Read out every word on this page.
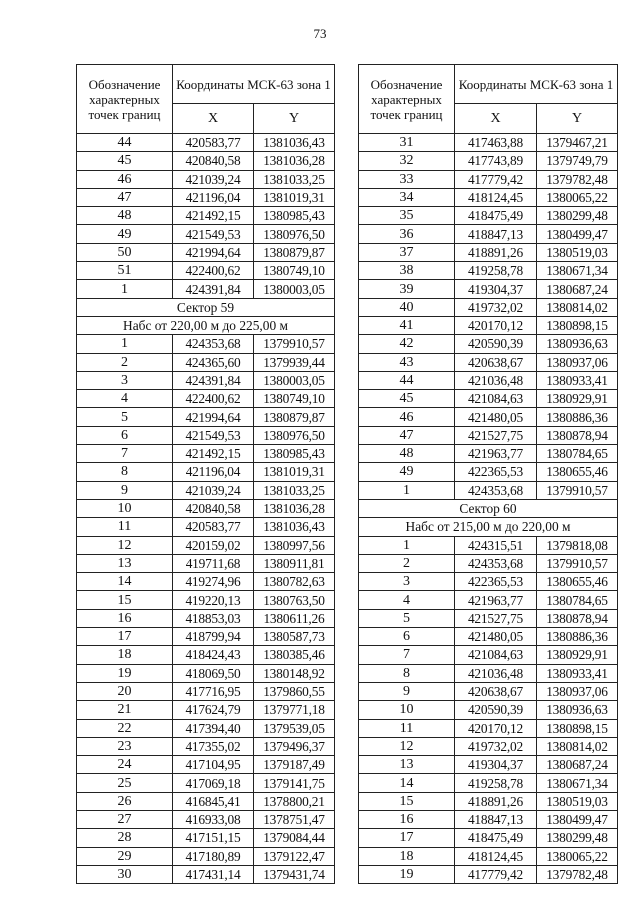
73
Обозначение характерных точек границ	Координаты МСК-63 зона 1	
	X	Y
44	420583,77	1381036,43
45	420840,58	1381036,28
46	421039,24	1381033,25
47	421196,04	1381019,31
48	421492,15	1380985,43
49	421549,53	1380976,50
50	421994,64	1380879,87
51	422400,62	1380749,10
1	424391,84	1380003,05
Сектор 59		
Набс от 220,00 м до 225,00 м		
1	424353,68	1379910,57
2	424365,60	1379939,44
3	424391,84	1380003,05
4	422400,62	1380749,10
5	421994,64	1380879,87
6	421549,53	1380976,50
7	421492,15	1380985,43
8	421196,04	1381019,31
9	421039,24	1381033,25
10	420840,58	1381036,28
11	420583,77	1381036,43
12	420159,02	1380997,56
13	419711,68	1380911,81
14	419274,96	1380782,63
15	419220,13	1380763,50
16	418853,03	1380611,26
17	418799,94	1380587,73
18	418424,43	1380385,46
19	418069,50	1380148,92
20	417716,95	1379860,55
21	417624,79	1379771,18
22	417394,40	1379539,05
23	417355,02	1379496,37
24	417104,95	1379187,49
25	417069,18	1379141,75
26	416845,41	1378800,21
27	416933,08	1378751,47
28	417151,15	1379084,44
29	417180,89	1379122,47
30	417431,14	1379431,74
Обозначение характерных точек границ	Координаты МСК-63 зона 1	
	X	Y
31	417463,88	1379467,21
32	417743,89	1379749,79
33	417779,42	1379782,48
34	418124,45	1380065,22
35	418475,49	1380299,48
36	418847,13	1380499,47
37	418891,26	1380519,03
38	419258,78	1380671,34
39	419304,37	1380687,24
40	419732,02	1380814,02
41	420170,12	1380898,15
42	420590,39	1380936,63
43	420638,67	1380937,06
44	421036,48	1380933,41
45	421084,63	1380929,91
46	421480,05	1380886,36
47	421527,75	1380878,94
48	421963,77	1380784,65
49	422365,53	1380655,46
1	424353,68	1379910,57
Сектор 60		
Набс от 215,00 м до 220,00 м		
1	424315,51	1379818,08
2	424353,68	1379910,57
3	422365,53	1380655,46
4	421963,77	1380784,65
5	421527,75	1380878,94
6	421480,05	1380886,36
7	421084,63	1380929,91
8	421036,48	1380933,41
9	420638,67	1380937,06
10	420590,39	1380936,63
11	420170,12	1380898,15
12	419732,02	1380814,02
13	419304,37	1380687,24
14	419258,78	1380671,34
15	418891,26	1380519,03
16	418847,13	1380499,47
17	418475,49	1380299,48
18	418124,45	1380065,22
19	417779,42	1379782,48
